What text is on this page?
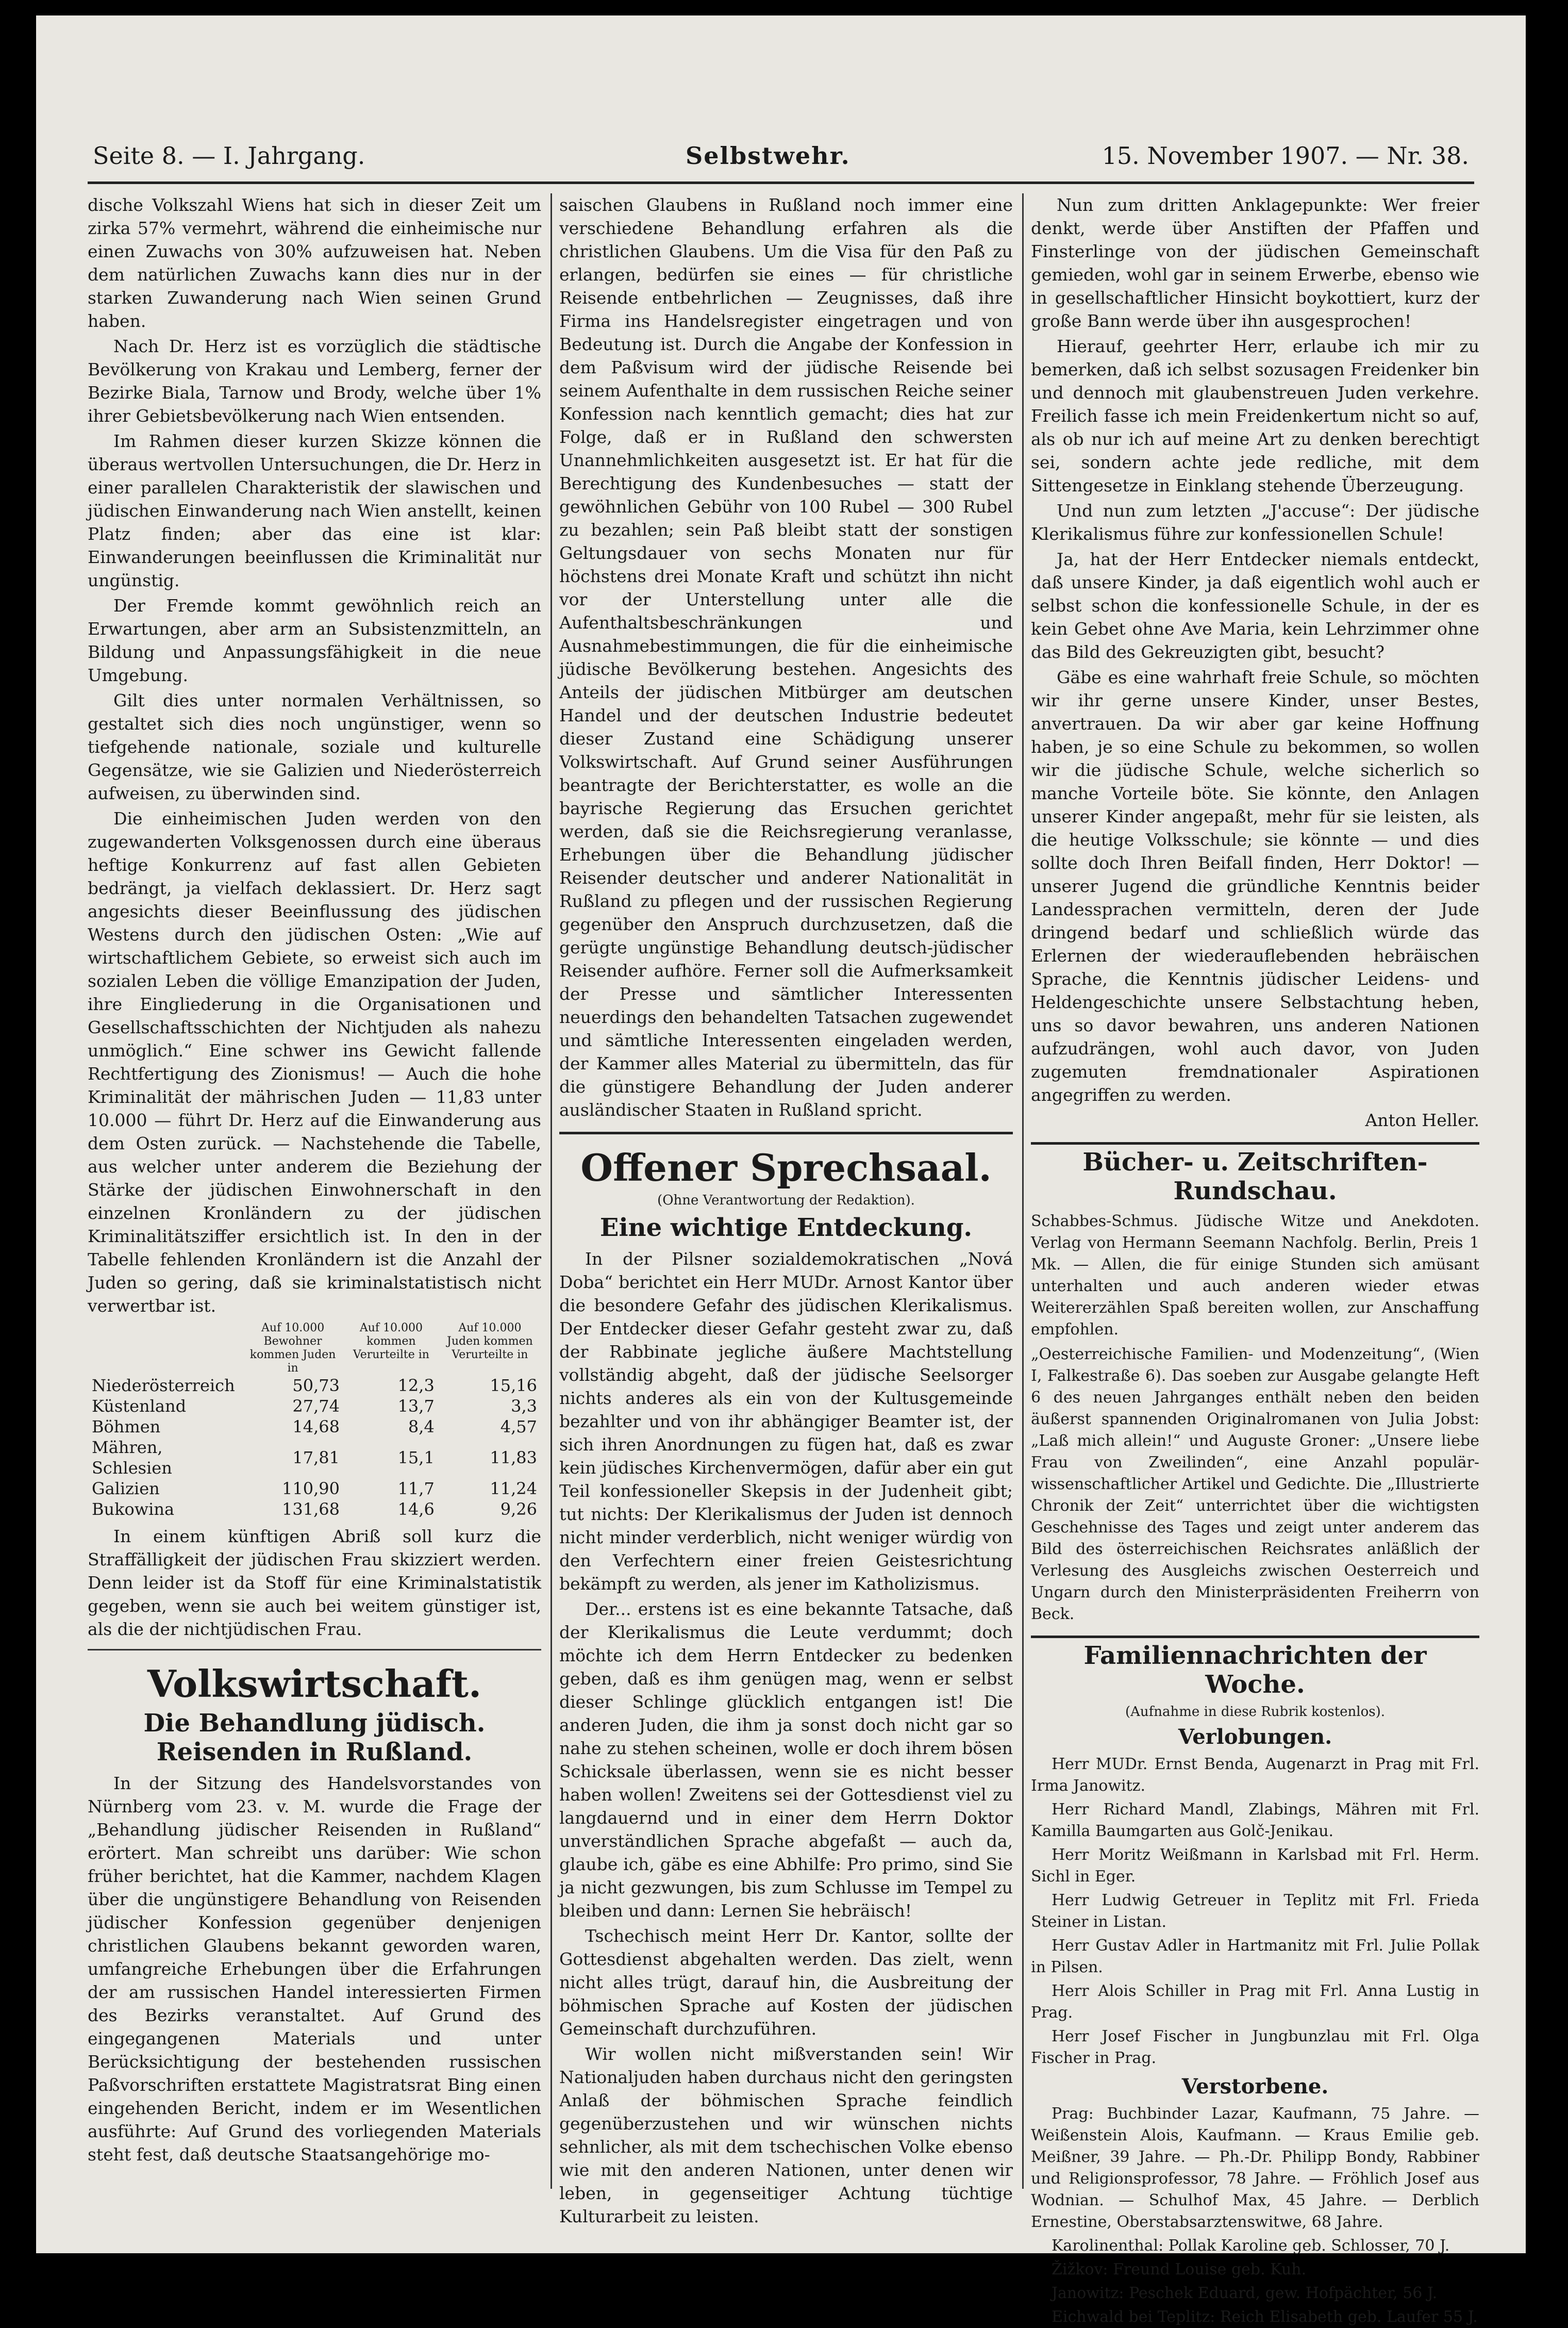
Seite 8. — I. Jahrgang.	Selbstwehr.	15. November 1907. — Nr. 38.

dische Volkszahl Wiens hat sich in dieser Zeit um zirka 57% vermehrt, während die einheimische nur einen Zuwachs von 30% aufzuweisen hat. Neben dem natürlichen Zuwachs kann dies nur in der starken Zuwanderung nach Wien seinen Grund haben.

Nach Dr. Herz ist es vorzüglich die städtische Bevölkerung von Krakau und Lemberg, ferner der Bezirke Biala, Tarnow und Brody, welche über 1% ihrer Gebietsbevölkerung nach Wien entsenden.

Im Rahmen dieser kurzen Skizze können die überaus wertvollen Untersuchungen, die Dr. Herz in einer parallelen Charakteristik der slawischen und jüdischen Einwanderung nach Wien anstellt, keinen Platz finden; aber das eine ist klar: Einwanderungen beeinflussen die Kriminalität nur ungünstig.

Der Fremde kommt gewöhnlich reich an Erwartungen, aber arm an Subsistenzmitteln, an Bildung und Anpassungsfähigkeit in die neue Umgebung.

Gilt dies unter normalen Verhältnissen, so gestaltet sich dies noch ungünstiger, wenn so tiefgehende nationale, soziale und kulturelle Gegensätze, wie sie Galizien und Niederösterreich aufweisen, zu überwinden sind.

Die einheimischen Juden werden von den zugewanderten Volksgenossen durch eine überaus heftige Konkurrenz auf fast allen Gebieten bedrängt, ja vielfach deklassiert. Dr. Herz sagt angesichts dieser Beeinflussung des jüdischen Westens durch den jüdischen Osten: „Wie auf wirtschaftlichem Gebiete, so erweist sich auch im sozialen Leben die völlige Emanzipation der Juden, ihre Eingliederung in die Organisationen und Gesellschaftsschichten der Nichtjuden als nahezu unmöglich.“ Eine schwer ins Gewicht fallende Rechtfertigung des Zionismus! — Auch die hohe Kriminalität der mährischen Juden — 11,83 unter 10.000 — führt Dr. Herz auf die Einwanderung aus dem Osten zurück. — Nachstehende die Tabelle, aus welcher unter anderem die Beziehung der Stärke der jüdischen Einwohnerschaft in den einzelnen Kronländern zu der jüdischen Kriminalitätsziffer ersichtlich ist. In den in der Tabelle fehlenden Kronländern ist die Anzahl der Juden so gering, daß sie kriminalstatistisch nicht verwertbar ist.

	Auf 10.000 Bewohner kommen Juden in	Auf 10.000 kommen Verurteilte in	Auf 10.000 Juden kommen Verurteilte in
Niederösterreich	50,73	12,3	15,16
Küstenland	27,74	13,7	3,3
Böhmen	14,68	8,4	4,57
Mähren, Schlesien	17,81	15,1	11,83
Galizien	110,90	11,7	11,24
Bukowina	131,68	14,6	9,26

In einem künftigen Abriß soll kurz die Straffälligkeit der jüdischen Frau skizziert werden. Denn leider ist da Stoff für eine Kriminalstatistik gegeben, wenn sie auch bei weitem günstiger ist, als die der nichtjüdischen Frau.

Volkswirtschaft.
Die Behandlung jüdisch. Reisenden in Rußland.

In der Sitzung des Handelsvorstandes von Nürnberg vom 23. v. M. wurde die Frage der „Behandlung jüdischer Reisenden in Rußland“ erörtert. Man schreibt uns darüber: Wie schon früher berichtet, hat die Kammer, nachdem Klagen über die ungünstigere Behandlung von Reisenden jüdischer Konfession gegenüber denjenigen christlichen Glaubens bekannt geworden waren, umfangreiche Erhebungen über die Erfahrungen der am russischen Handel interessierten Firmen des Bezirks veranstaltet. Auf Grund des eingegangenen Materials und unter Berücksichtigung der bestehenden russischen Paßvorschriften erstattete Magistratsrat Bing einen eingehenden Bericht, indem er im Wesentlichen ausführte: Auf Grund des vorliegenden Materials steht fest, daß deutsche Staatsangehörige mo-

saischen Glaubens in Rußland noch immer eine verschiedene Behandlung erfahren als die christlichen Glaubens. Um die Visa für den Paß zu erlangen, bedürfen sie eines — für christliche Reisende entbehrlichen — Zeugnisses, daß ihre Firma ins Handelsregister eingetragen und von Bedeutung ist. Durch die Angabe der Konfession in dem Paßvisum wird der jüdische Reisende bei seinem Aufenthalte in dem russischen Reiche seiner Konfession nach kenntlich gemacht; dies hat zur Folge, daß er in Rußland den schwersten Unannehmlichkeiten ausgesetzt ist. Er hat für die Berechtigung des Kundenbesuches — statt der gewöhnlichen Gebühr von 100 Rubel — 300 Rubel zu bezahlen; sein Paß bleibt statt der sonstigen Geltungsdauer von sechs Monaten nur für höchstens drei Monate Kraft und schützt ihn nicht vor der Unterstellung unter alle die Aufenthaltsbeschränkungen und Ausnahmebestimmungen, die für die einheimische jüdische Bevölkerung bestehen. Angesichts des Anteils der jüdischen Mitbürger am deutschen Handel und der deutschen Industrie bedeutet dieser Zustand eine Schädigung unserer Volkswirtschaft. Auf Grund seiner Ausführungen beantragte der Berichterstatter, es wolle an die bayrische Regierung das Ersuchen gerichtet werden, daß sie die Reichsregierung veranlasse, Erhebungen über die Behandlung jüdischer Reisender deutscher und anderer Nationalität in Rußland zu pflegen und der russischen Regierung gegenüber den Anspruch durchzusetzen, daß die gerügte ungünstige Behandlung deutsch-jüdischer Reisender aufhöre. Ferner soll die Aufmerksamkeit der Presse und sämtlicher Interessenten neuerdings den behandelten Tatsachen zugewendet und sämtliche Interessenten eingeladen werden, der Kammer alles Material zu übermitteln, das für die günstigere Behandlung der Juden anderer ausländischer Staaten in Rußland spricht.

Offener Sprechsaal.
(Ohne Verantwortung der Redaktion).
Eine wichtige Entdeckung.

In der Pilsner sozialdemokratischen „Nová Doba“ berichtet ein Herr MUDr. Arnost Kantor über die besondere Gefahr des jüdischen Klerikalismus. Der Entdecker dieser Gefahr gesteht zwar zu, daß der Rabbinate jegliche äußere Machtstellung vollständig abgeht, daß der jüdische Seelsorger nichts anderes als ein von der Kultusgemeinde bezahlter und von ihr abhängiger Beamter ist, der sich ihren Anordnungen zu fügen hat, daß es zwar kein jüdisches Kirchenvermögen, dafür aber ein gut Teil konfessioneller Skepsis in der Judenheit gibt; tut nichts: Der Klerikalismus der Juden ist dennoch nicht minder verderblich, nicht weniger würdig von den Verfechtern einer freien Geistesrichtung bekämpft zu werden, als jener im Katholizismus.

Der... erstens ist es eine bekannte Tatsache, daß der Klerikalismus die Leute verdummt; doch möchte ich dem Herrn Entdecker zu bedenken geben, daß es ihm genügen mag, wenn er selbst dieser Schlinge glücklich entgangen ist! Die anderen Juden, die ihm ja sonst doch nicht gar so nahe zu stehen scheinen, wolle er doch ihrem bösen Schicksale überlassen, wenn sie es nicht besser haben wollen! Zweitens sei der Gottesdienst viel zu langdauernd und in einer dem Herrn Doktor unverständlichen Sprache abgefaßt — auch da, glaube ich, gäbe es eine Abhilfe: Pro primo, sind Sie ja nicht gezwungen, bis zum Schlusse im Tempel zu bleiben und dann: Lernen Sie hebräisch!

Tschechisch meint Herr Dr. Kantor, sollte der Gottesdienst abgehalten werden. Das zielt, wenn nicht alles trügt, darauf hin, die Ausbreitung der böhmischen Sprache auf Kosten der jüdischen Gemeinschaft durchzuführen.

Wir wollen nicht mißverstanden sein! Wir Nationaljuden haben durchaus nicht den geringsten Anlaß der böhmischen Sprache feindlich gegenüberzustehen und wir wünschen nichts sehnlicher, als mit dem tschechischen Volke ebenso wie mit den anderen Nationen, unter denen wir leben, in gegenseitiger Achtung tüchtige Kulturarbeit zu leisten.

Nun zum dritten Anklagepunkte: Wer freier denkt, werde über Anstiften der Pfaffen und Finsterlinge von der jüdischen Gemeinschaft gemieden, wohl gar in seinem Erwerbe, ebenso wie in gesellschaftlicher Hinsicht boykottiert, kurz der große Bann werde über ihn ausgesprochen!

Hierauf, geehrter Herr, erlaube ich mir zu bemerken, daß ich selbst sozusagen Freidenker bin und dennoch mit glaubenstreuen Juden verkehre. Freilich fasse ich mein Freidenkertum nicht so auf, als ob nur ich auf meine Art zu denken berechtigt sei, sondern achte jede redliche, mit dem Sittengesetze in Einklang stehende Überzeugung.

Und nun zum letzten „J'accuse“: Der jüdische Klerikalismus führe zur konfessionellen Schule!

Ja, hat der Herr Entdecker niemals entdeckt, daß unsere Kinder, ja daß eigentlich wohl auch er selbst schon die konfessionelle Schule, in der es kein Gebet ohne Ave Maria, kein Lehrzimmer ohne das Bild des Gekreuzigten gibt, besucht?

Gäbe es eine wahrhaft freie Schule, so möchten wir ihr gerne unsere Kinder, unser Bestes, anvertrauen. Da wir aber gar keine Hoffnung haben, je so eine Schule zu bekommen, so wollen wir die jüdische Schule, welche sicherlich so manche Vorteile böte. Sie könnte, den Anlagen unserer Kinder angepaßt, mehr für sie leisten, als die heutige Volksschule; sie könnte — und dies sollte doch Ihren Beifall finden, Herr Doktor! — unserer Jugend die gründliche Kenntnis beider Landessprachen vermitteln, deren der Jude dringend bedarf und schließlich würde das Erlernen der wiederauflebenden hebräischen Sprache, die Kenntnis jüdischer Leidens- und Heldengeschichte unsere Selbstachtung heben, uns so davor bewahren, uns anderen Nationen aufzudrängen, wohl auch davor, von Juden zugemuten fremdnationaler Aspirationen angegriffen zu werden.

Anton Heller.

Bücher- u. Zeitschriften-Rundschau.

Schabbes-Schmus. Jüdische Witze und Anekdoten. Verlag von Hermann Seemann Nachfolg. Berlin, Preis 1 Mk. — Allen, die für einige Stunden sich amüsant unterhalten und auch anderen wieder etwas Weitererzählen Spaß bereiten wollen, zur Anschaffung empfohlen.

„Oesterreichische Familien- und Modenzeitung“, (Wien I, Falkestraße 6). Das soeben zur Ausgabe gelangte Heft 6 des neuen Jahrganges enthält neben den beiden äußerst spannenden Originalromanen von Julia Jobst: „Laß mich allein!“ und Auguste Groner: „Unsere liebe Frau von Zweilinden“, eine Anzahl populär-wissenschaftlicher Artikel und Gedichte. Die „Illustrierte Chronik der Zeit“ unterrichtet über die wichtigsten Geschehnisse des Tages und zeigt unter anderem das Bild des österreichischen Reichsrates anläßlich der Verlesung des Ausgleichs zwischen Oesterreich und Ungarn durch den Ministerpräsidenten Freiherrn von Beck.

Familiennachrichten der Woche.
(Aufnahme in diese Rubrik kostenlos).
Verlobungen.

Herr MUDr. Ernst Benda, Augenarzt in Prag mit Frl. Irma Janowitz.

Herr Richard Mandl, Zlabings, Mähren mit Frl. Kamilla Baumgarten aus Golč-Jenikau.

Herr Moritz Weißmann in Karlsbad mit Frl. Herm. Sichl in Eger.

Herr Ludwig Getreuer in Teplitz mit Frl. Frieda Steiner in Listan.

Herr Gustav Adler in Hartmanitz mit Frl. Julie Pollak in Pilsen.

Herr Alois Schiller in Prag mit Frl. Anna Lustig in Prag.

Herr Josef Fischer in Jungbunzlau mit Frl. Olga Fischer in Prag.

Verstorbene.

Prag: Buchbinder Lazar, Kaufmann, 75 Jahre. — Weißenstein Alois, Kaufmann. — Kraus Emilie geb. Meißner, 39 Jahre. — Ph.-Dr. Philipp Bondy, Rabbiner und Religionsprofessor, 78 Jahre. — Fröhlich Josef aus Wodnian. — Schulhof Max, 45 Jahre. — Derblich Ernestine, Oberstabsarztenswitwe, 68 Jahre.

Karolinenthal: Pollak Karoline geb. Schlosser, 70 J.

Žižkov: Freund Louise geb. Kuh.

Janowitz: Peschek Eduard, gew. Hofpächter, 56 J.

Eichwald bei Teplitz: Reich Elisabeth geb. Laufer 55 J.
